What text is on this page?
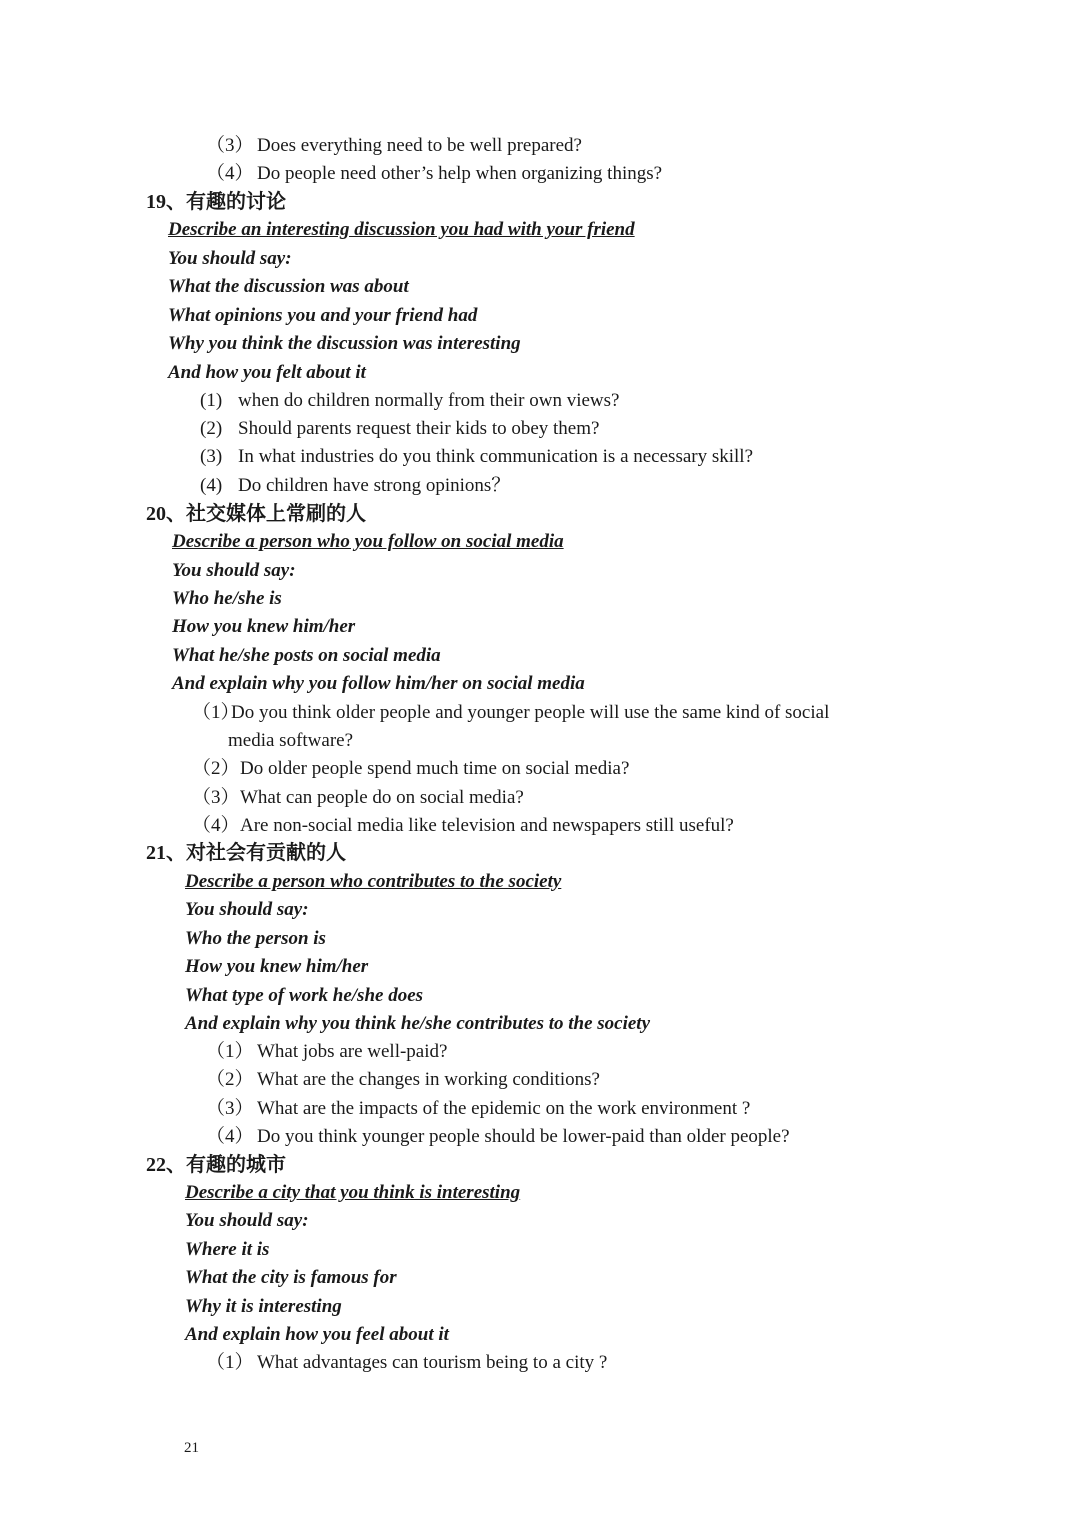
（3） Does everything need to be well prepared?
（4） Do people need other’s help when organizing things?
19、有趣的讨论
Describe an interesting discussion you had with your friend
You should say:
What the discussion was about
What opinions you and your friend had
Why you think the discussion was interesting
And how you felt about it
(1) when do children normally from their own views?
(2) Should parents request their kids to obey them?
(3) In what industries do you think communication is a necessary skill?
(4) Do children have strong opinions？
20、社交媒体上常刷的人
Describe a person who you follow on social media
You should say:
Who he/she is
How you knew him/her
What he/she posts on social media
And explain why you follow him/her on social media
（1）
Do you think older people and younger people will use the same kind of social
media software?
（2） Do older people spend much time on social media?
（3） What can people do on social media?
（4） Are non-social media like television and newspapers still useful?
21、对社会有贡献的人
Describe a person who contributes to the society
You should say:
Who the person is
How you knew him/her
What type of work he/she does
And explain why you think he/she contributes to the society
（1） What jobs are well-paid?
（2） What are the changes in working conditions?
（3） What are the impacts of the epidemic on the work environment ?
（4） Do you think younger people should be lower-paid than older people?
22、有趣的城市
Describe a city that you think is interesting
You should say:
Where it is
What the city is famous for
Why it is interesting
And explain how you feel about it
（1） What advantages can tourism being to a city ?
21
